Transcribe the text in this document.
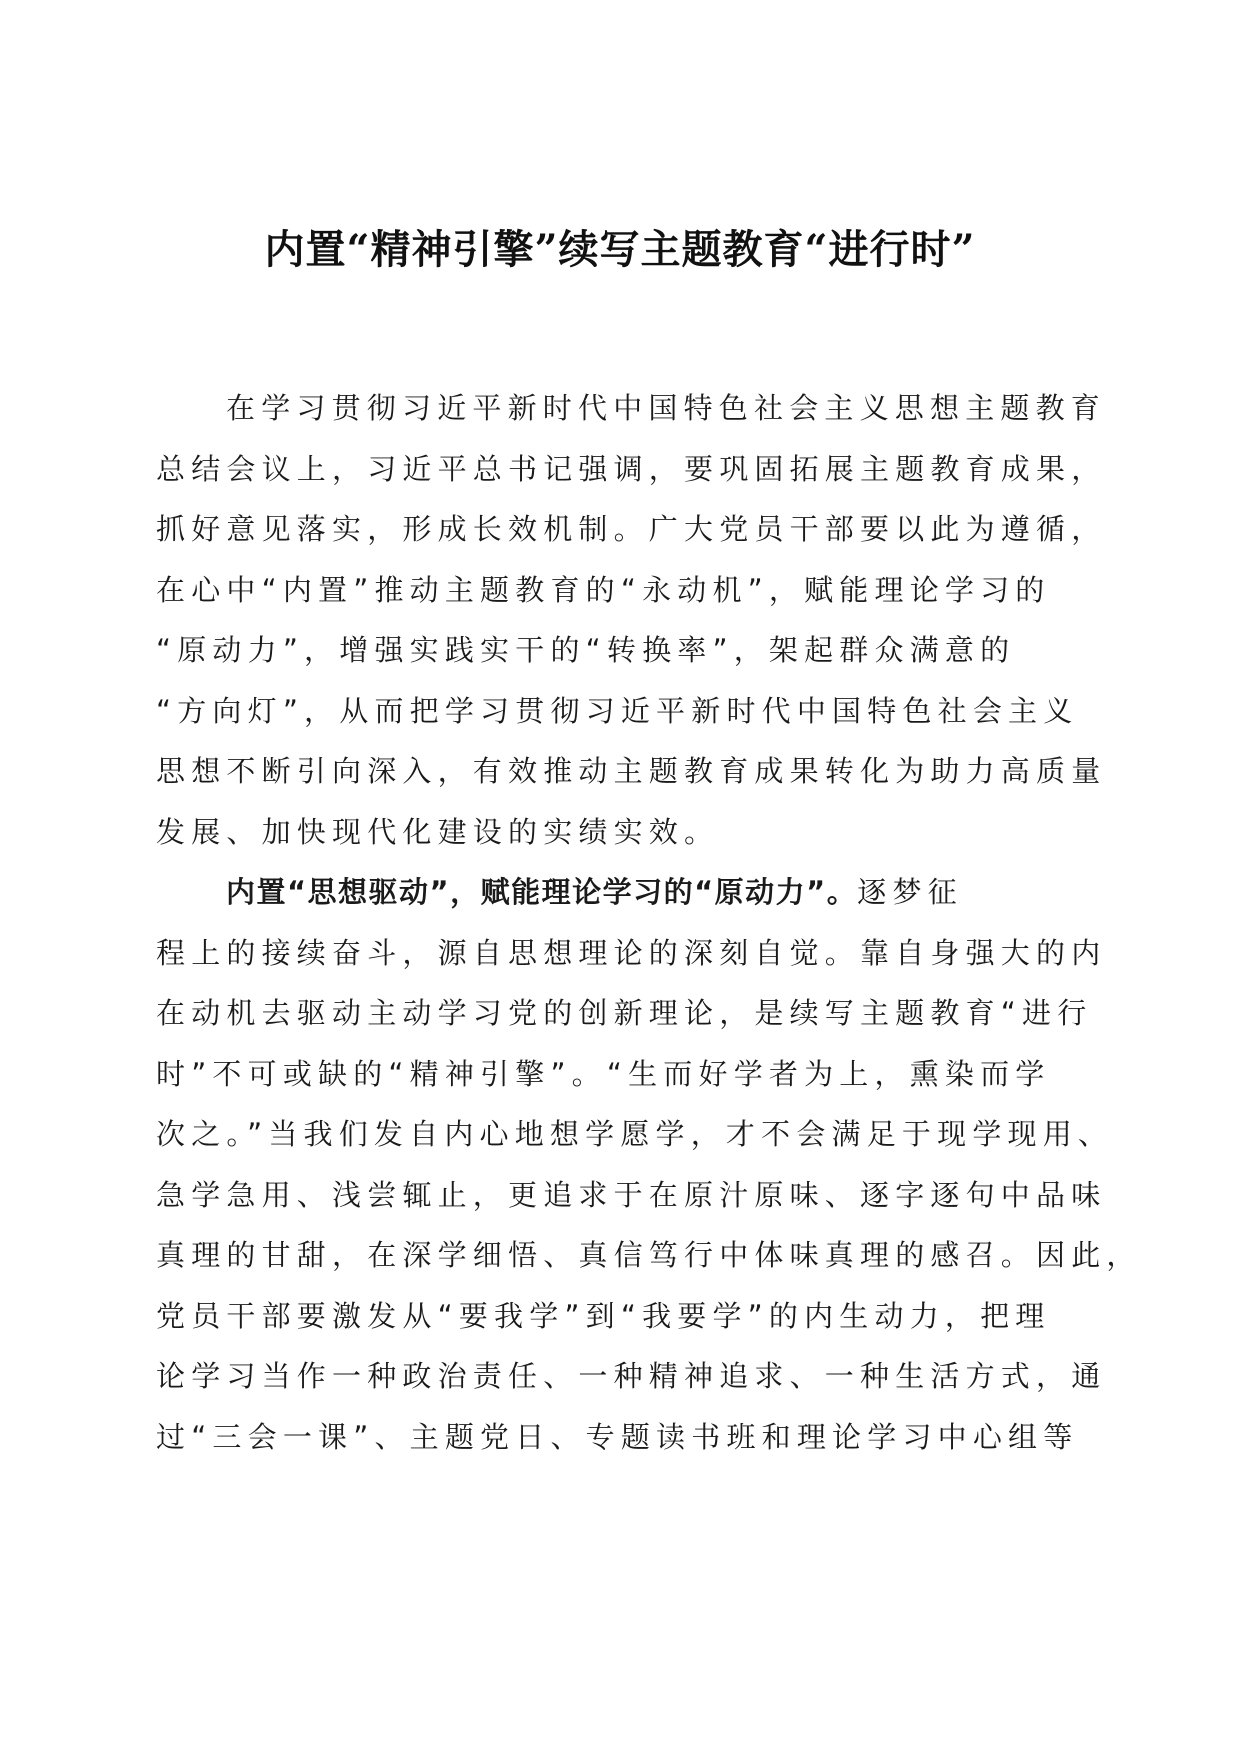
内置“精神引擎”续写主题教育“进行时”
在学习贯彻习近平新时代中国特色社会主义思想主题教育
总结会议上，习近平总书记强调，要巩固拓展主题教育成果，
抓好意见落实，形成长效机制。广大党员干部要以此为遵循，
在心中“内置”推动主题教育的“永动机”，赋能理论学习的
“原动力”，增强实践实干的“转换率”，架起群众满意的
“方向灯”，从而把学习贯彻习近平新时代中国特色社会主义
思想不断引向深入，有效推动主题教育成果转化为助力高质量
发展、加快现代化建设的实绩实效。
内置“思想驱动”，赋能理论学习的“原动力”。逐梦征
程上的接续奋斗，源自思想理论的深刻自觉。靠自身强大的内
在动机去驱动主动学习党的创新理论，是续写主题教育“进行
时”不可或缺的“精神引擎”。“生而好学者为上，熏染而学
次之。”当我们发自内心地想学愿学，才不会满足于现学现用、
急学急用、浅尝辄止，更追求于在原汁原味、逐字逐句中品味
真理的甘甜，在深学细悟、真信笃行中体味真理的感召。因此，
党员干部要激发从“要我学”到“我要学”的内生动力，把理
论学习当作一种政治责任、一种精神追求、一种生活方式，通
过“三会一课”、主题党日、专题读书班和理论学习中心组等
